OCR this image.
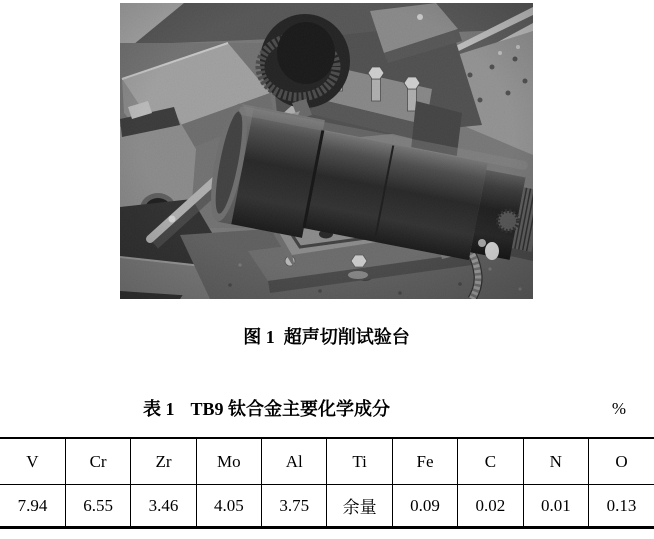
图 1 超声切削试验台
表 1 TB9 钛合金主要化学成分	%
V	Cr	Zr	Mo	Al	Ti	Fe	C	N	O
7.94	6.55	3.46	4.05	3.75	余量	0.09	0.02	0.01	0.13
